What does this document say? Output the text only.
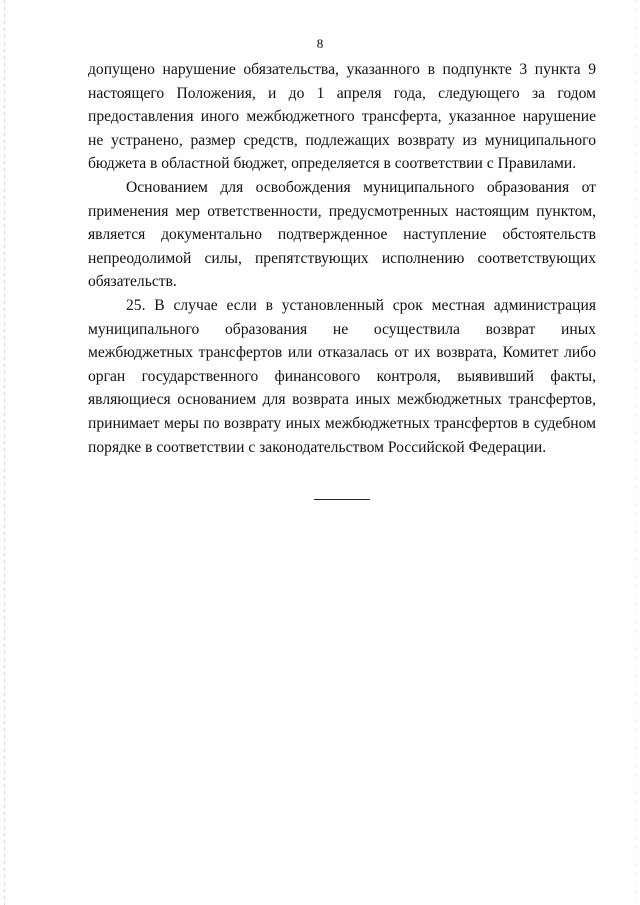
8

допущено нарушение обязательства, указанного в подпункте 3 пункта 9 настоящего Положения, и до 1 апреля года, следующего за годом предоставления иного межбюджетного трансферта, указанное нарушение не устранено, размер средств, подлежащих возврату из муниципального бюджета в областной бюджет, определяется в соответствии с Правилами.

Основанием для освобождения муниципального образования от применения мер ответственности, предусмотренных настоящим пунктом, является документально подтвержденное наступление обстоятельств непреодолимой силы, препятствующих исполнению соответствующих обязательств.

25. В случае если в установленный срок местная администрация муниципального образования не осуществила возврат иных межбюджетных трансфертов или отказалась от их возврата, Комитет либо орган государственного финансового контроля, выявивший факты, являющиеся основанием для возврата иных межбюджетных трансфертов, принимает меры по возврату иных межбюджетных трансфертов в судебном порядке в соответствии с законодательством Российской Федерации.
